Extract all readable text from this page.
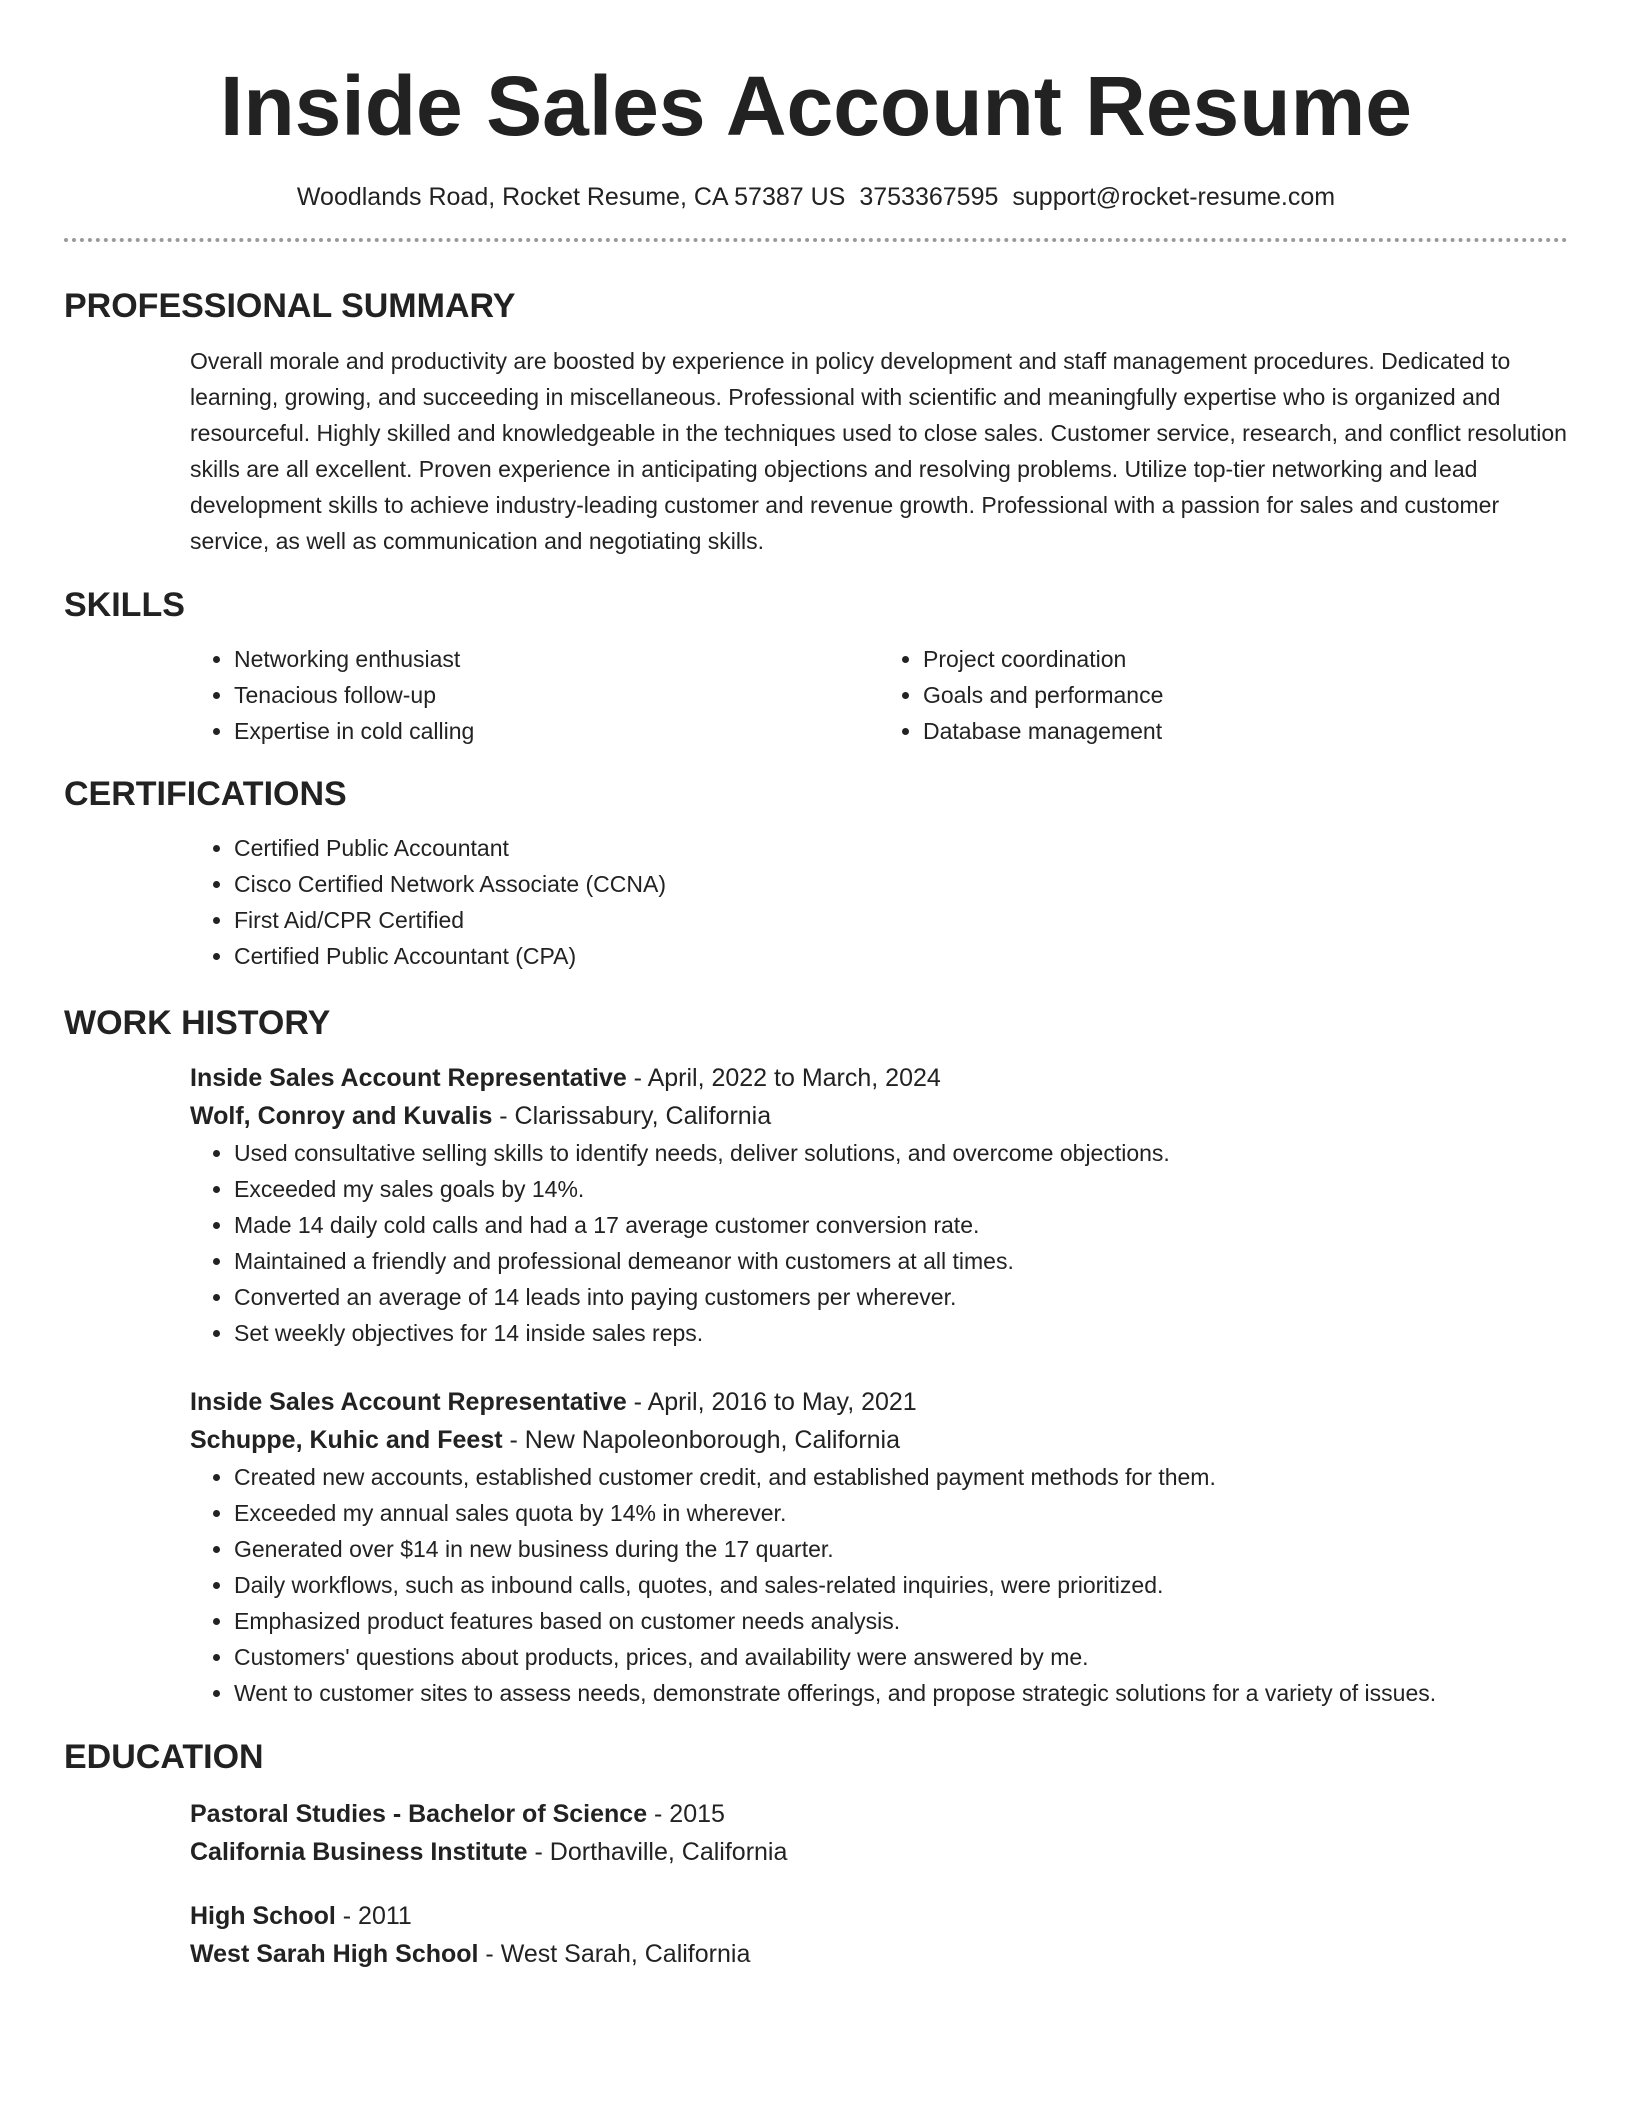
Inside Sales Account Resume
Woodlands Road, Rocket Resume, CA 57387 US 3753367595 support@rocket-resume.com
PROFESSIONAL SUMMARY

Overall morale and productivity are boosted by experience in policy development and staff management procedures. Dedicated to learning, growing, and succeeding in miscellaneous. Professional with scientific and meaningfully expertise who is organized and resourceful. Highly skilled and knowledgeable in the techniques used to close sales. Customer service, research, and conflict resolution skills are all excellent. Proven experience in anticipating objections and resolving problems. Utilize top-tier networking and lead development skills to achieve industry-leading customer and revenue growth. Professional with a passion for sales and customer service, as well as communication and negotiating skills.

SKILLS
• Networking enthusiast
• Tenacious follow-up
• Expertise in cold calling
• Project coordination
• Goals and performance
• Database management
CERTIFICATIONS
• Certified Public Accountant
• Cisco Certified Network Associate (CCNA)
• First Aid/CPR Certified
• Certified Public Accountant (CPA)
WORK HISTORY
Inside Sales Account Representative - April, 2022 to March, 2024
Wolf, Conroy and Kuvalis - Clarissabury, California
• Used consultative selling skills to identify needs, deliver solutions, and overcome objections.
• Exceeded my sales goals by 14%.
• Made 14 daily cold calls and had a 17 average customer conversion rate.
• Maintained a friendly and professional demeanor with customers at all times.
• Converted an average of 14 leads into paying customers per wherever.
• Set weekly objectives for 14 inside sales reps.
Inside Sales Account Representative - April, 2016 to May, 2021
Schuppe, Kuhic and Feest - New Napoleonborough, California
• Created new accounts, established customer credit, and established payment methods for them.
• Exceeded my annual sales quota by 14% in wherever.
• Generated over $14 in new business during the 17 quarter.
• Daily workflows, such as inbound calls, quotes, and sales-related inquiries, were prioritized.
• Emphasized product features based on customer needs analysis.
• Customers' questions about products, prices, and availability were answered by me.
• Went to customer sites to assess needs, demonstrate offerings, and propose strategic solutions for a variety of issues.
EDUCATION
Pastoral Studies - Bachelor of Science - 2015
California Business Institute - Dorthaville, California
High School - 2011
West Sarah High School - West Sarah, California
